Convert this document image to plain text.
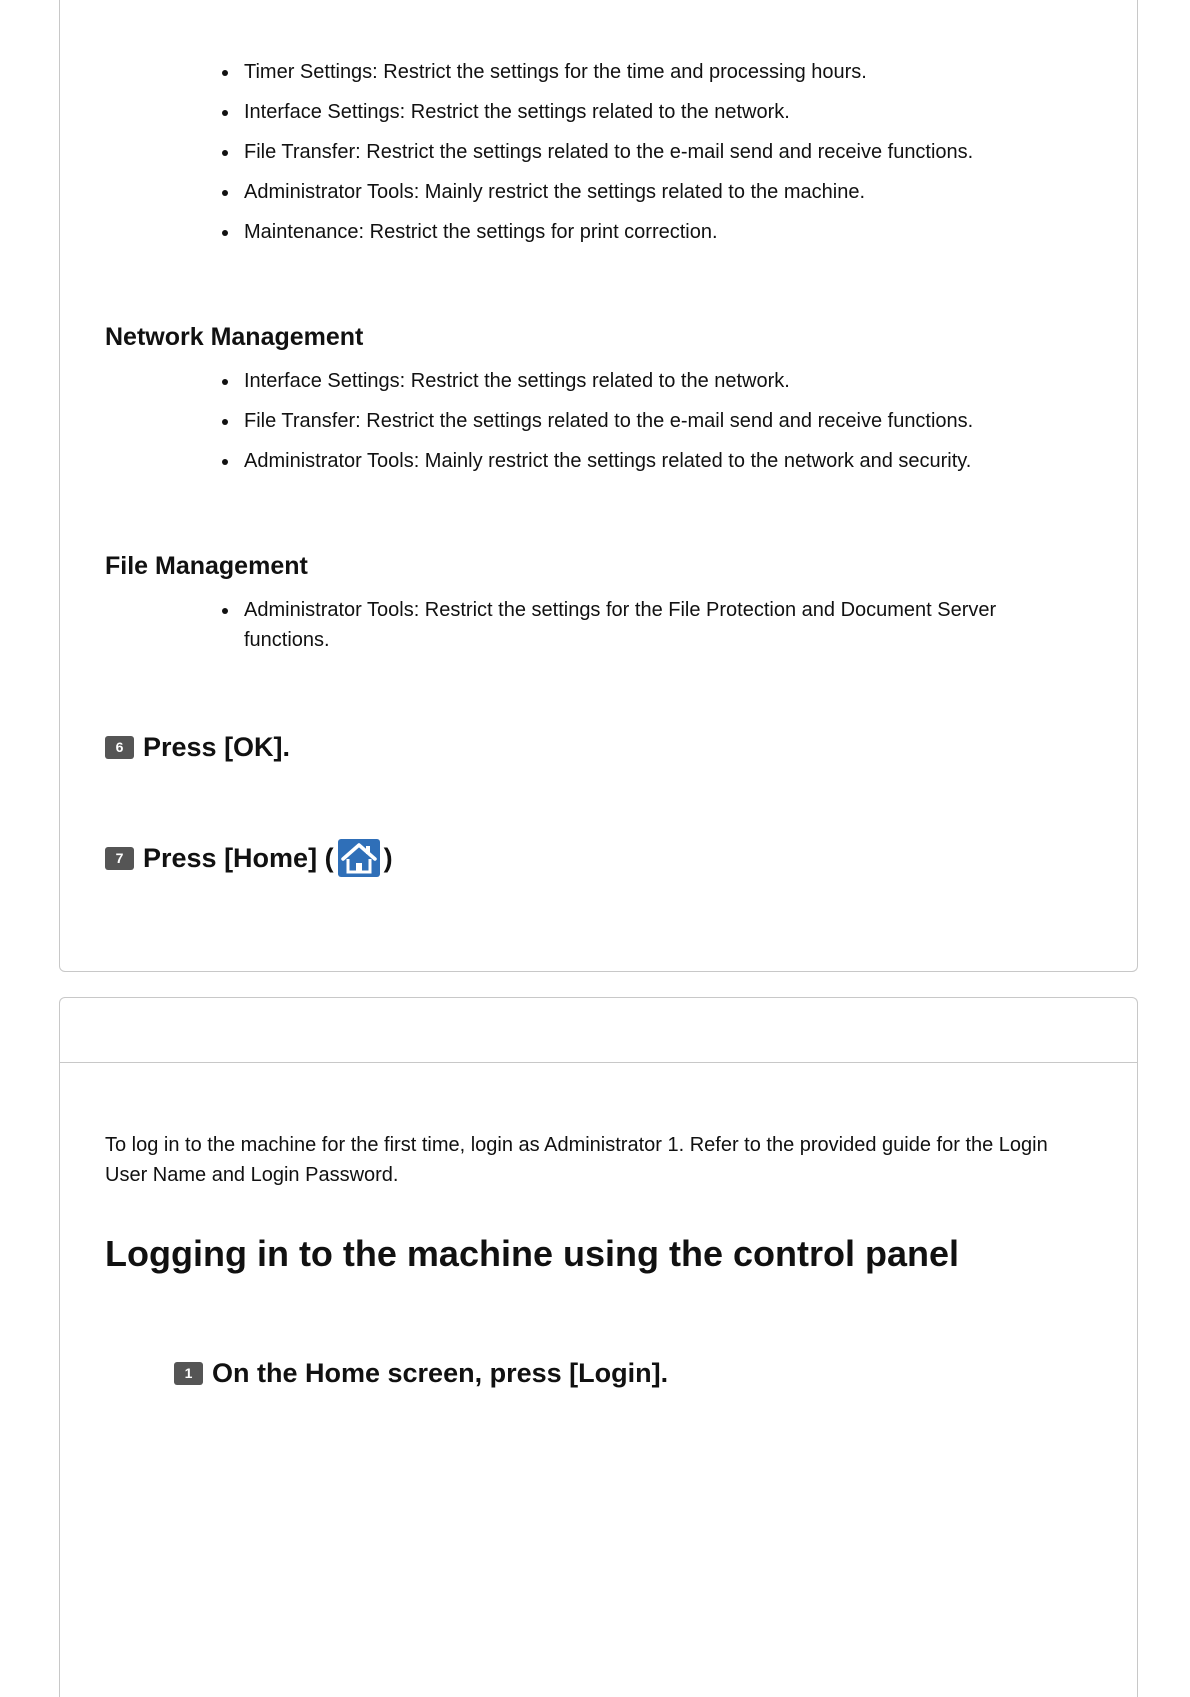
Timer Settings: Restrict the settings for the time and processing hours.
Interface Settings: Restrict the settings related to the network.
File Transfer: Restrict the settings related to the e-mail send and receive functions.
Administrator Tools: Mainly restrict the settings related to the machine.
Maintenance: Restrict the settings for print correction.
Network Management
Interface Settings: Restrict the settings related to the network.
File Transfer: Restrict the settings related to the e-mail send and receive functions.
Administrator Tools: Mainly restrict the settings related to the network and security.
File Management
Administrator Tools: Restrict the settings for the File Protection and Document Server functions.
6 Press [OK].
7 Press [Home] ( )

To log in to the machine for the first time, login as Administrator 1. Refer to the provided guide for the Login User Name and Login Password.

Logging in to the machine using the control panel
1 On the Home screen, press [Login].
